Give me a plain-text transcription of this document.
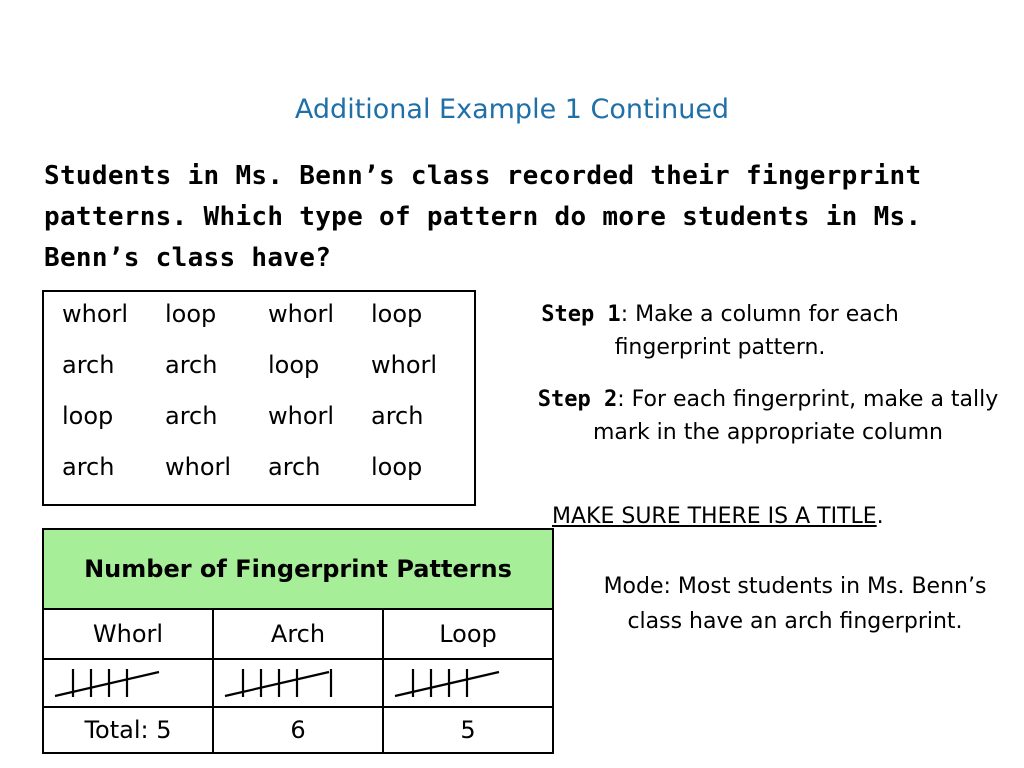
Additional Example 1 Continued
Students in Ms. Benn’s class recorded their fingerprint patterns. Which type of pattern do more students in Ms. Benn’s class have?
whorl	loop	whorl	loop
arch	arch	loop	whorl
loop	arch	whorl	arch
arch	whorl	arch	loop
Step 1: Make a column for each fingerprint pattern.
Step 2: For each fingerprint, make a tally mark in the appropriate column
MAKE SURE THERE IS A TITLE.
Mode: Most students in Ms. Benn’s class have an arch fingerprint.
Number of Fingerprint Patterns		
Whorl	Arch	Loop

Total: 5	6	5
